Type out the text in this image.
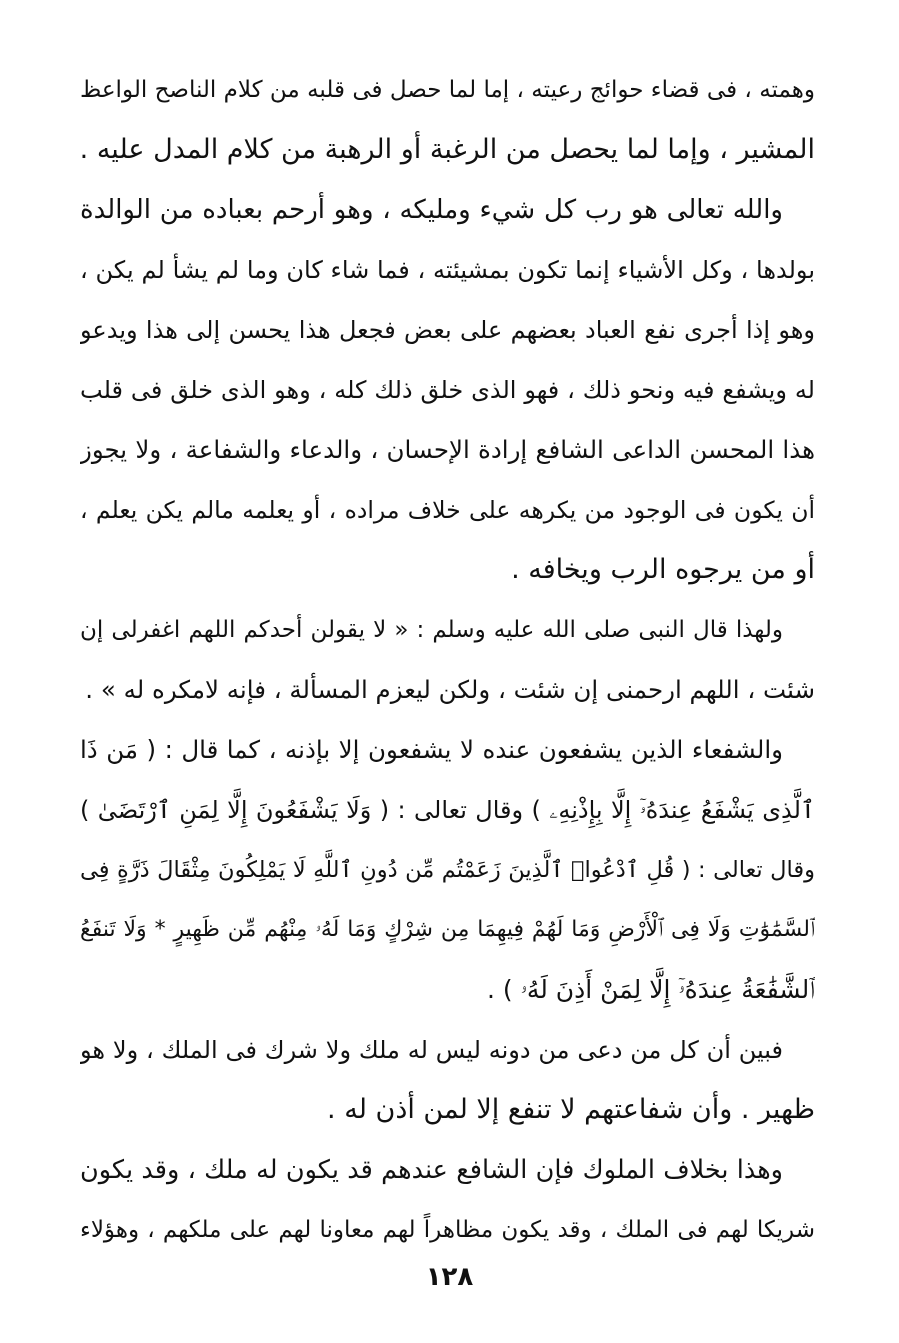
وهمته ، فى قضاء حوائج رعيته ، إما لما حصل فى قلبه من كلام الناصح الواعظ
المشير ، وإما لما يحصل من الرغبة أو الرهبة من كلام المدل عليه .
والله تعالى هو رب كل شيء ومليكه ، وهو أرحم بعباده من الوالدة
بولدها ، وكل الأشياء إنما تكون بمشيئته ، فما شاء كان وما لم يشأ لم يكن ،
وهو إذا أجرى نفع العباد بعضهم على بعض فجعل هذا يحسن إلى هذا ويدعو
له ويشفع فيه ونحو ذلك ، فهو الذى خلق ذلك كله ، وهو الذى خلق فى قلب
هذا المحسن الداعى الشافع إرادة الإحسان ، والدعاء والشفاعة ، ولا يجوز
أن يكون فى الوجود من يكرهه على خلاف مراده ، أو يعلمه مالم يكن يعلم ،
أو من يرجوه الرب ويخافه .
ولهذا قال النبى صلى الله عليه وسلم : « لا يقولن أحدكم اللهم اغفرلى إن
شئت ، اللهم ارحمنى إن شئت ، ولكن ليعزم المسألة ، فإنه لامكره له » .
والشفعاء الذين يشفعون عنده لا يشفعون إلا بإذنه ، كما قال : ( مَن ذَا
ٱلَّذِى يَشْفَعُ عِندَهُۥٓ إِلَّا بِإِذْنِهِۦ ) وقال تعالى : ( وَلَا يَشْفَعُونَ إِلَّا لِمَنِ ٱرْتَضَىٰ )
وقال تعالى : ( قُلِ ٱدْعُوا۟ ٱلَّذِينَ زَعَمْتُم مِّن دُونِ ٱللَّهِ لَا يَمْلِكُونَ مِثْقَالَ ذَرَّةٍ فِى
ٱلسَّمَٰوَٰتِ وَلَا فِى ٱلْأَرْضِ وَمَا لَهُمْ فِيهِمَا مِن شِرْكٍ وَمَا لَهُۥ مِنْهُم مِّن ظَهِيرٍ * وَلَا تَنفَعُ
ٱلشَّفَٰعَةُ عِندَهُۥٓ إِلَّا لِمَنْ أَذِنَ لَهُۥ ) .
فبين أن كل من دعى من دونه ليس له ملك ولا شرك فى الملك ، ولا هو
ظهير . وأن شفاعتهم لا تنفع إلا لمن أذن له .
وهذا بخلاف الملوك فإن الشافع عندهم قد يكون له ملك ، وقد يكون
شريكا لهم فى الملك ، وقد يكون مظاهراً لهم معاونا لهم على ملكهم ، وهؤلاء
١٢٨
